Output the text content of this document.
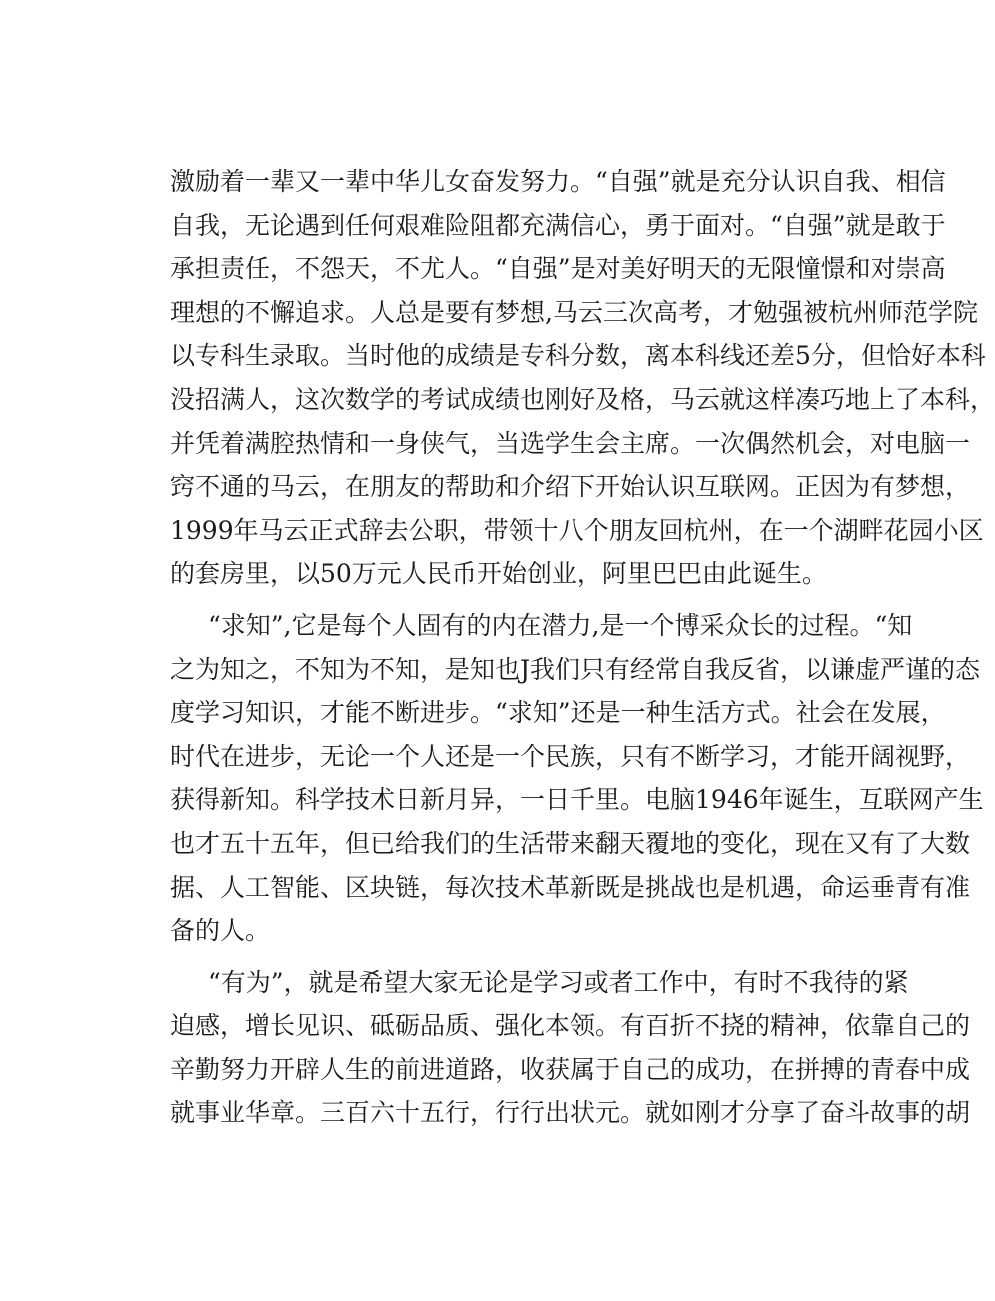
激励着一辈又一辈中华儿女奋发努力。“自强”就是充分认识自我、相信
自我，无论遇到任何艰难险阻都充满信心，勇于面对。“自强”就是敢于
承担责任，不怨天，不尤人。“自强”是对美好明天的无限憧憬和对崇高
理想的不懈追求。人总是要有梦想,马云三次高考，才勉强被杭州师范学院
以专科生录取。当时他的成绩是专科分数，离本科线还差5分，但恰好本科
没招满人，这次数学的考试成绩也刚好及格，马云就这样凑巧地上了本科，
并凭着满腔热情和一身侠气，当选学生会主席。一次偶然机会，对电脑一
窍不通的马云，在朋友的帮助和介绍下开始认识互联网。正因为有梦想，
1999年马云正式辞去公职，带领十八个朋友回杭州，在一个湖畔花园小区
的套房里，以50万元人民币开始创业，阿里巴巴由此诞生。
“求知”,它是每个人固有的内在潜力,是一个博采众长的过程。“知
之为知之，不知为不知，是知也J我们只有经常自我反省，以谦虚严谨的态
度学习知识，才能不断进步。“求知”还是一种生活方式。社会在发展，
时代在进步，无论一个人还是一个民族，只有不断学习，才能开阔视野，
获得新知。科学技术日新月异，一日千里。电脑1946年诞生，互联网产生
也才五十五年，但已给我们的生活带来翻天覆地的变化，现在又有了大数
据、人工智能、区块链，每次技术革新既是挑战也是机遇，命运垂青有准
备的人。
“有为”，就是希望大家无论是学习或者工作中，有时不我待的紧
迫感，增长见识、砥砺品质、强化本领。有百折不挠的精神，依靠自己的
辛勤努力开辟人生的前进道路，收获属于自己的成功，在拼搏的青春中成
就事业华章。三百六十五行，行行出状元。就如刚才分享了奋斗故事的胡
